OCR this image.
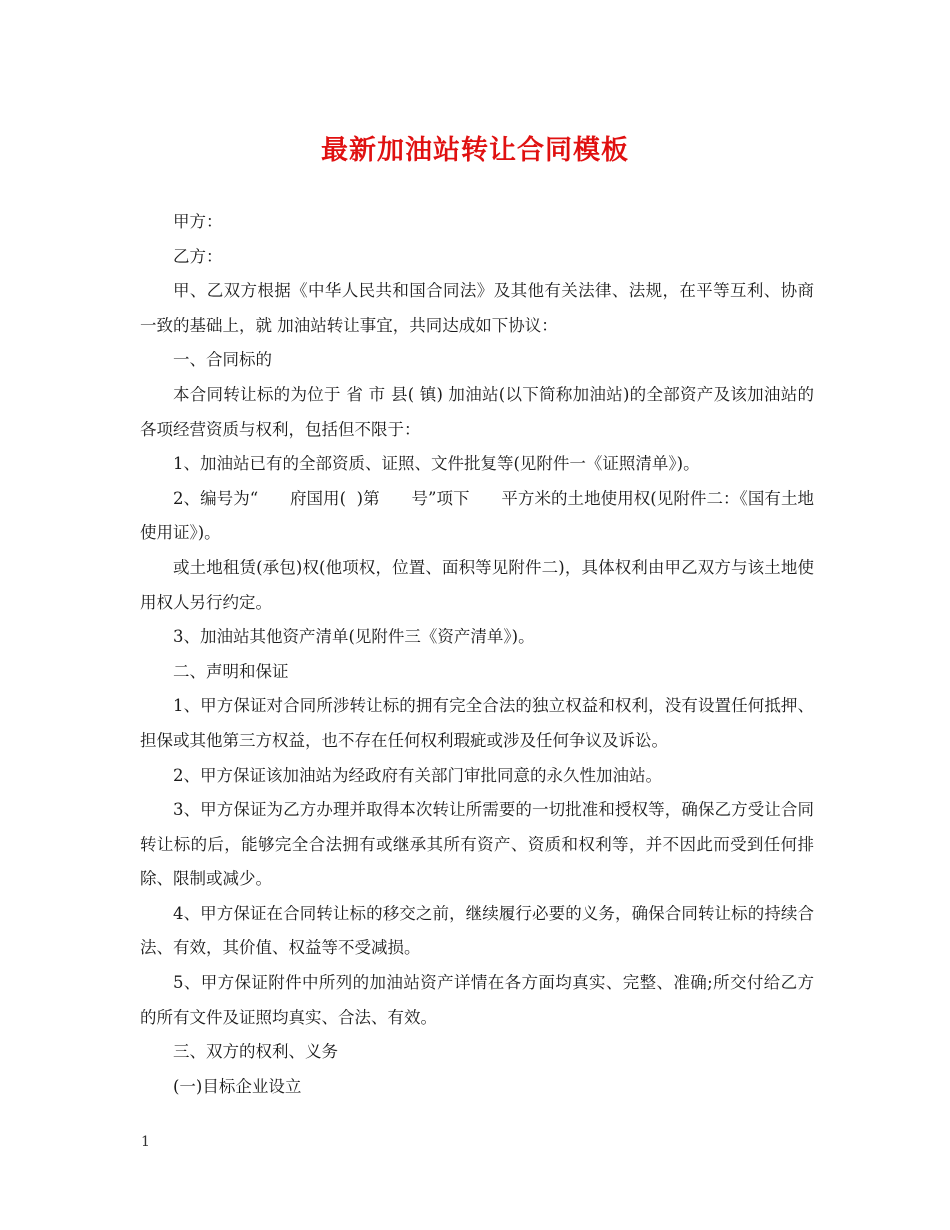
最新加油站转让合同模板

甲方：

乙方：

甲、乙双方根据《中华人民共和国合同法》及其他有关法律、法规，在平等互利、协商一致的基础上，就 加油站转让事宜，共同达成如下协议：

一、合同标的

本合同转让标的为位于 省 市 县( 镇) 加油站(以下简称加油站)的全部资产及该加油站的各项经营资质与权利，包括但不限于：

1、加油站已有的全部资质、证照、文件批复等(见附件一《证照清单》)。

2、编号为“      府国用(  )第      号”项下      平方米的土地使用权(见附件二：《国有土地使用证》)。

或土地租赁(承包)权(他项权，位置、面积等见附件二)，具体权利由甲乙双方与该土地使用权人另行约定。

3、加油站其他资产清单(见附件三《资产清单》)。

二、声明和保证

1、甲方保证对合同所涉转让标的拥有完全合法的独立权益和权利，没有设置任何抵押、担保或其他第三方权益，也不存在任何权利瑕疵或涉及任何争议及诉讼。

2、甲方保证该加油站为经政府有关部门审批同意的永久性加油站。

3、甲方保证为乙方办理并取得本次转让所需要的一切批准和授权等，确保乙方受让合同转让标的后，能够完全合法拥有或继承其所有资产、资质和权利等，并不因此而受到任何排除、限制或减少。

4、甲方保证在合同转让标的移交之前，继续履行必要的义务，确保合同转让标的持续合法、有效，其价值、权益等不受减损。

5、甲方保证附件中所列的加油站资产详情在各方面均真实、完整、准确;所交付给乙方的所有文件及证照均真实、合法、有效。

三、双方的权利、义务

(一)目标企业设立

1
